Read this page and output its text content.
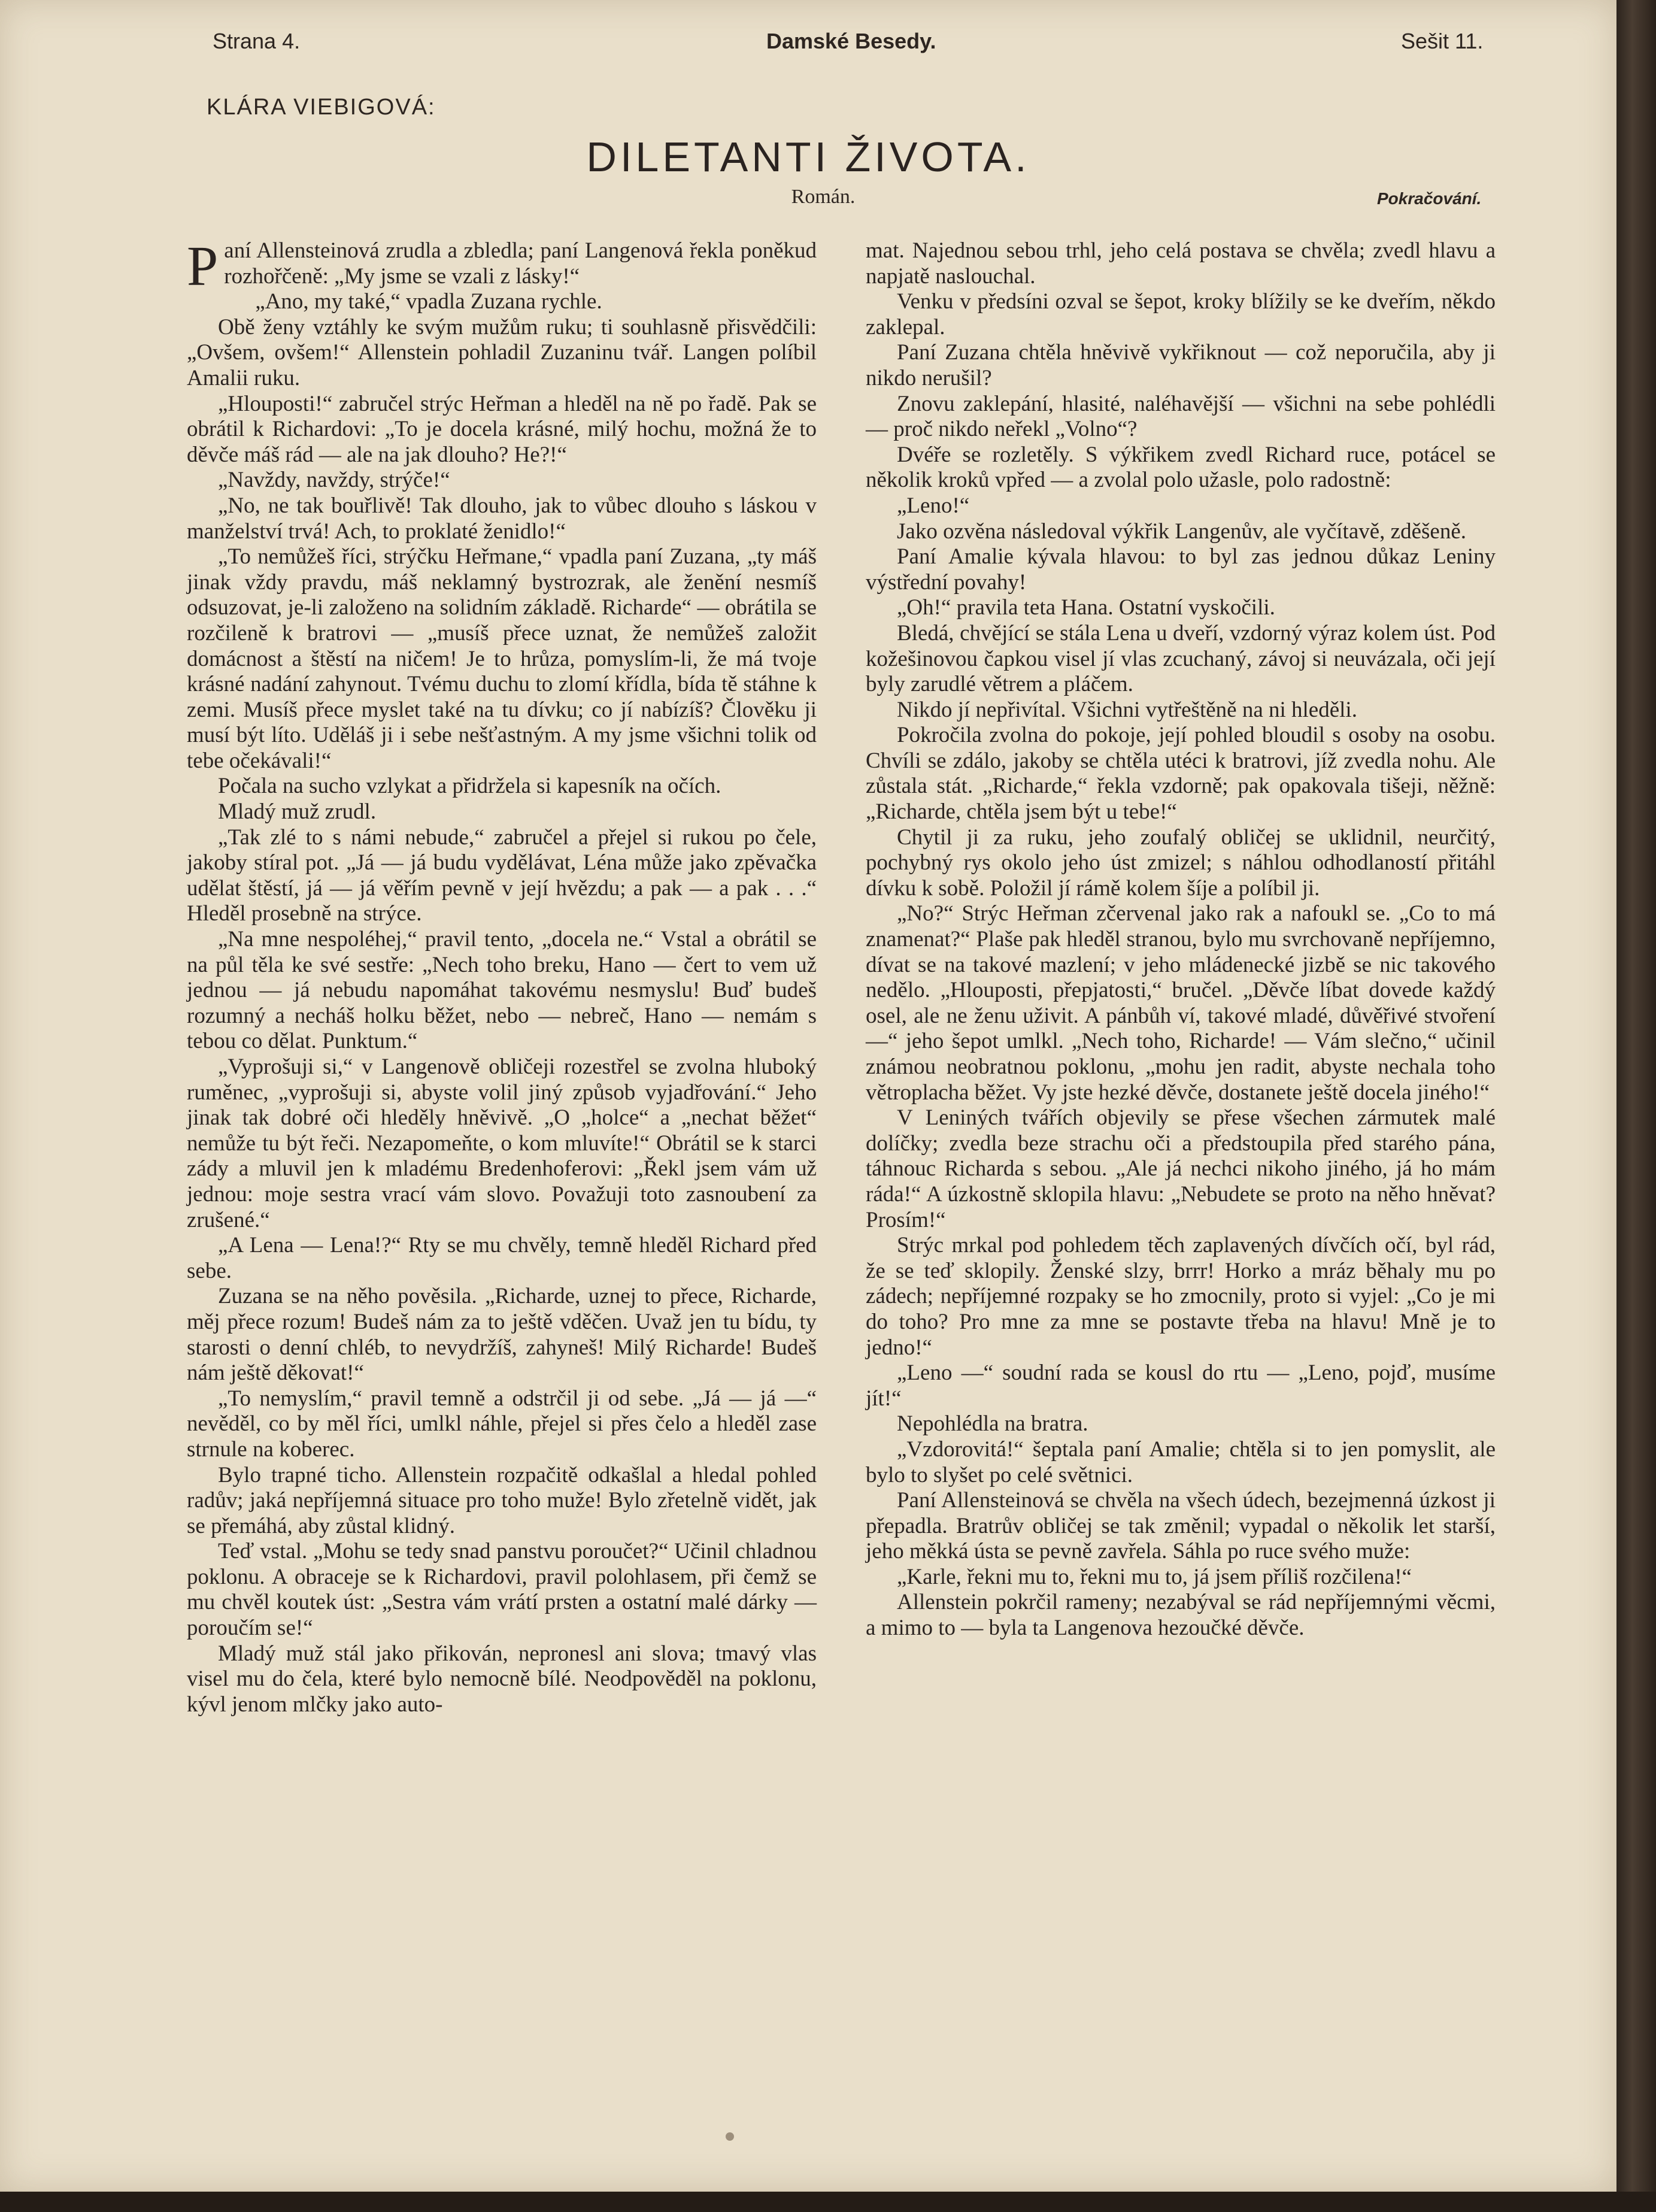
Strana 4.	Damské Besedy.	Sešit 11.
KLÁRA VIEBIGOVÁ:
DILETANTI ŽIVOTA.
Román.	Pokračování.

Paní Allensteinová zrudla a zbledla; paní Langenová řekla poněkud rozhořčeně: „My jsme se vzali z lásky!“

„Ano, my také,“ vpadla Zuzana rychle.

Obě ženy vztáhly ke svým mužům ruku; ti souhlasně přisvědčili: „Ovšem, ovšem!“ Allenstein pohladil Zuzaninu tvář. Langen políbil Amalii ruku.

„Hlouposti!“ zabručel strýc Heřman a hleděl na ně po řadě. Pak se obrátil k Richardovi: „To je docela krásné, milý hochu, možná že to děvče máš rád — ale na jak dlouho? He?!“

„Navždy, navždy, strýče!“

„No, ne tak bouřlivě! Tak dlouho, jak to vůbec dlouho s láskou v manželství trvá! Ach, to proklaté ženidlo!“

„To nemůžeš říci, strýčku Heřmane,“ vpadla paní Zuzana, „ty máš jinak vždy pravdu, máš neklamný bystrozrak, ale ženění nesmíš odsuzovat, je-li založeno na solidním základě. Richarde“ — obrátila se rozčileně k bratrovi — „musíš přece uznat, že nemůžeš založit domácnost a štěstí na ničem! Je to hrůza, pomyslím-li, že má tvoje krásné nadání zahynout. Tvému duchu to zlomí křídla, bída tě stáhne k zemi. Musíš přece myslet také na tu dívku; co jí nabízíš? Člověku ji musí být líto. Uděláš ji i sebe nešťastným. A my jsme všichni tolik od tebe očekávali!“

Počala na sucho vzlykat a přidržela si kapesník na očích.

Mladý muž zrudl.

„Tak zlé to s námi nebude,“ zabručel a přejel si rukou po čele, jakoby stíral pot. „Já — já budu vydělávat, Léna může jako zpěvačka udělat štěstí, já — já věřím pevně v její hvězdu; a pak — a pak . . .“ Hleděl prosebně na strýce.

„Na mne nespoléhej,“ pravil tento, „docela ne.“ Vstal a obrátil se na půl těla ke své sestře: „Nech toho breku, Hano — čert to vem už jednou — já nebudu napomáhat takovému nesmyslu! Buď budeš rozumný a necháš holku běžet, nebo — nebreč, Hano — nemám s tebou co dělat. Punktum.“

„Vyprošuji si,“ v Langenově obličeji rozestřel se zvolna hluboký ruměnec, „vyprošuji si, abyste volil jiný způsob vyjadřování.“ Jeho jinak tak dobré oči hleděly hněvivě. „O „holce“ a „nechat běžet“ nemůže tu být řeči. Nezapomeňte, o kom mluvíte!“ Obrátil se k starci zády a mluvil jen k mladému Bredenhoferovi: „Řekl jsem vám už jednou: moje sestra vrací vám slovo. Považuji toto zasnoubení za zrušené.“

„A Lena — Lena!?“ Rty se mu chvěly, temně hleděl Richard před sebe.

Zuzana se na něho pověsila. „Richarde, uznej to přece, Richarde, měj přece rozum! Budeš nám za to ještě vděčen. Uvaž jen tu bídu, ty starosti o denní chléb, to nevydržíš, zahyneš! Milý Richarde! Budeš nám ještě děkovat!“

„To nemyslím,“ pravil temně a odstrčil ji od sebe. „Já — já —“ nevěděl, co by měl říci, umlkl náhle, přejel si přes čelo a hleděl zase strnule na koberec.

Bylo trapné ticho. Allenstein rozpačitě odkašlal a hledal pohled radův; jaká nepříjemná situace pro toho muže! Bylo zřetelně vidět, jak se přemáhá, aby zůstal klidný.

Teď vstal. „Mohu se tedy snad panstvu poroučet?“ Učinil chladnou poklonu. A obraceje se k Richardovi, pravil polohlasem, při čemž se mu chvěl koutek úst: „Sestra vám vrátí prsten a ostatní malé dárky — poroučím se!“

Mladý muž stál jako přikován, nepronesl ani slova; tmavý vlas visel mu do čela, které bylo nemocně bílé. Neodpověděl na poklonu, kývl jenom mlčky jako auto-

mat. Najednou sebou trhl, jeho celá postava se chvěla; zvedl hlavu a napjatě naslouchal.

Venku v předsíni ozval se šepot, kroky blížily se ke dveřím, někdo zaklepal.

Paní Zuzana chtěla hněvivě vykřiknout — což neporučila, aby ji nikdo nerušil?

Znovu zaklepání, hlasité, naléhavější — všichni na sebe pohlédli — proč nikdo neřekl „Volno“?

Dvéře se rozletěly. S výkřikem zvedl Richard ruce, potácel se několik kroků vpřed — a zvolal polo užasle, polo radostně:

„Leno!“

Jako ozvěna následoval výkřik Langenův, ale vyčítavě, zděšeně.

Paní Amalie kývala hlavou: to byl zas jednou důkaz Leniny výstřední povahy!

„Oh!“ pravila teta Hana. Ostatní vyskočili.

Bledá, chvějící se stála Lena u dveří, vzdorný výraz kolem úst. Pod kožešinovou čapkou visel jí vlas zcuchaný, závoj si neuvázala, oči její byly zarudlé větrem a pláčem.

Nikdo jí nepřivítal. Všichni vytřeštěně na ni hleděli.

Pokročila zvolna do pokoje, její pohled bloudil s osoby na osobu. Chvíli se zdálo, jakoby se chtěla utéci k bratrovi, jíž zvedla nohu. Ale zůstala stát. „Richarde,“ řekla vzdorně; pak opakovala tišeji, něžně: „Richarde, chtěla jsem být u tebe!“

Chytil ji za ruku, jeho zoufalý obličej se uklidnil, neurčitý, pochybný rys okolo jeho úst zmizel; s náhlou odhodlaností přitáhl dívku k sobě. Položil jí rámě kolem šíje a políbil ji.

„No?“ Strýc Heřman zčervenal jako rak a nafoukl se. „Co to má znamenat?“ Plaše pak hleděl stranou, bylo mu svrchovaně nepříjemno, dívat se na takové mazlení; v jeho mládenecké jizbě se nic takového nedělo. „Hlouposti, přepjatosti,“ bručel. „Děvče líbat dovede každý osel, ale ne ženu uživit. A pánbůh ví, takové mladé, důvěřivé stvoření —“ jeho šepot umlkl. „Nech toho, Richarde! — Vám slečno,“ učinil známou neobratnou poklonu, „mohu jen radit, abyste nechala toho větroplacha běžet. Vy jste hezké děvče, dostanete ještě docela jiného!“

V Leniných tvářích objevily se přese všechen zármutek malé dolíčky; zvedla beze strachu oči a předstoupila před starého pána, táhnouc Richarda s sebou. „Ale já nechci nikoho jiného, já ho mám ráda!“ A úzkostně sklopila hlavu: „Nebudete se proto na něho hněvat? Prosím!“

Strýc mrkal pod pohledem těch zaplavených dívčích očí, byl rád, že se teď sklopily. Ženské slzy, brrr! Horko a mráz běhaly mu po zádech; nepříjemné rozpaky se ho zmocnily, proto si vyjel: „Co je mi do toho? Pro mne za mne se postavte třeba na hlavu! Mně je to jedno!“

„Leno —“ soudní rada se kousl do rtu — „Leno, pojď, musíme jít!“

Nepohlédla na bratra.

„Vzdorovitá!“ šeptala paní Amalie; chtěla si to jen pomyslit, ale bylo to slyšet po celé světnici.

Paní Allensteinová se chvěla na všech údech, bezejmenná úzkost ji přepadla. Bratrův obličej se tak změnil; vypadal o několik let starší, jeho měkká ústa se pevně zavřela. Sáhla po ruce svého muže:

„Karle, řekni mu to, řekni mu to, já jsem příliš rozčilena!“

Allenstein pokrčil rameny; nezabýval se rád nepříjemnými věcmi, a mimo to — byla ta Langenova hezoučké děvče.
